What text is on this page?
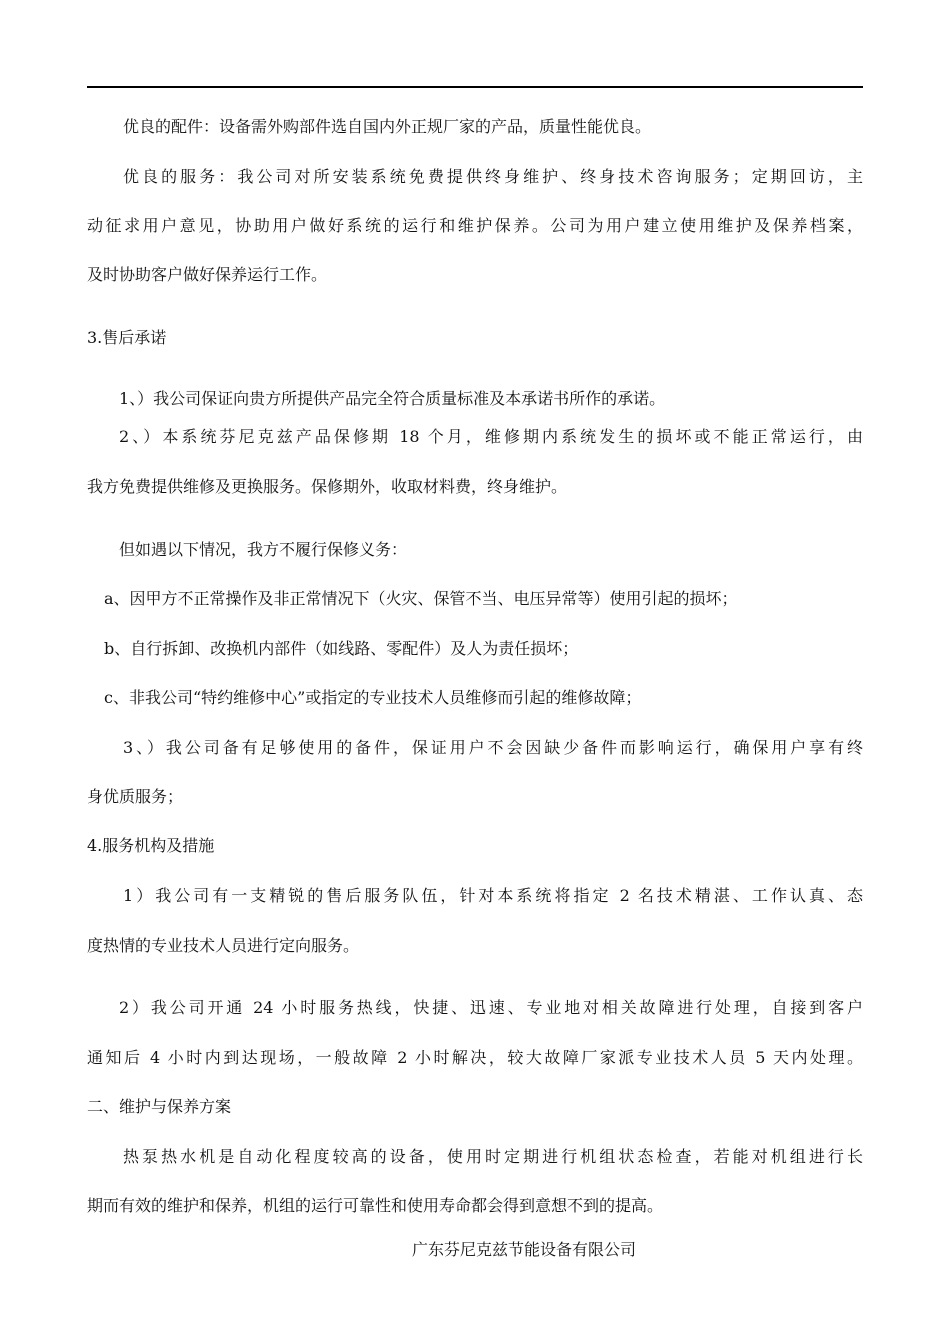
优良的配件：设备需外购部件选自国内外正规厂家的产品，质量性能优良。
优良的服务：我公司对所安装系统免费提供终身维护、终身技术咨询服务；定期回访，主
动征求用户意见，协助用户做好系统的运行和维护保养。公司为用户建立使用维护及保养档案，
及时协助客户做好保养运行工作。
3.售后承诺
1、）我公司保证向贵方所提供产品完全符合质量标准及本承诺书所作的承诺。
2、）本系统芬尼克兹产品保修期 18 个月，维修期内系统发生的损坏或不能正常运行，由
我方免费提供维修及更换服务。保修期外，收取材料费，终身维护。
但如遇以下情况，我方不履行保修义务：
a、因甲方不正常操作及非正常情况下（火灾、保管不当、电压异常等）使用引起的损坏；
b、自行拆卸、改换机内部件（如线路、零配件）及人为责任损坏；
c、非我公司“特约维修中心”或指定的专业技术人员维修而引起的维修故障；
3、）我公司备有足够使用的备件，保证用户不会因缺少备件而影响运行，确保用户享有终
身优质服务；
4.服务机构及措施
1）我公司有一支精锐的售后服务队伍，针对本系统将指定 2 名技术精湛、工作认真、态
度热情的专业技术人员进行定向服务。
2）我公司开通 24 小时服务热线，快捷、迅速、专业地对相关故障进行处理，自接到客户
通知后 4 小时内到达现场，一般故障 2 小时解决，较大故障厂家派专业技术人员 5 天内处理。
二、维护与保养方案
热泵热水机是自动化程度较高的设备，使用时定期进行机组状态检查，若能对机组进行长
期而有效的维护和保养，机组的运行可靠性和使用寿命都会得到意想不到的提高。
广东芬尼克兹节能设备有限公司
